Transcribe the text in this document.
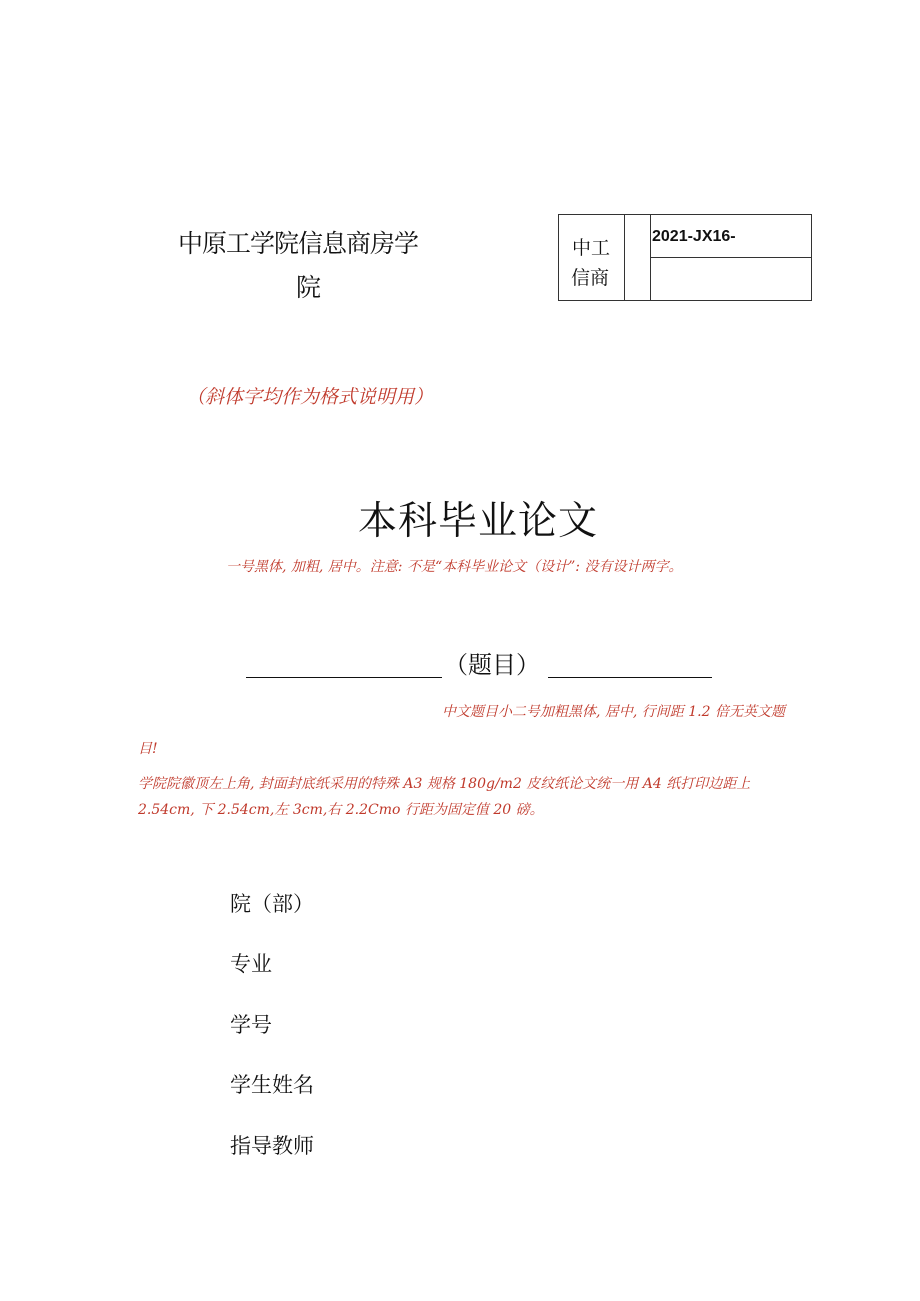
中原工学院信息商房学
院
中工
信商
2021-JX16-
（斜体字均作为格式说明用）
本科毕业论文
一号黑体, 加粗, 居中。注意: 不是“本科毕业论文（设计”: 没有设计两字。
（题目）
中文题目小二号加粗黑体, 居中, 行间距 1.2 倍无英文题
目!
学院院徽顶左上角, 封面封底纸采用的特殊 A3 规格 180g/m2 皮纹纸论文统一用 A4 纸打印边距上
2.54cm, 下 2.54cm,左 3cm,右 2.2Cmo 行距为固定值 20 磅。
院（部）
专业
学号
学生姓名
指导教师
